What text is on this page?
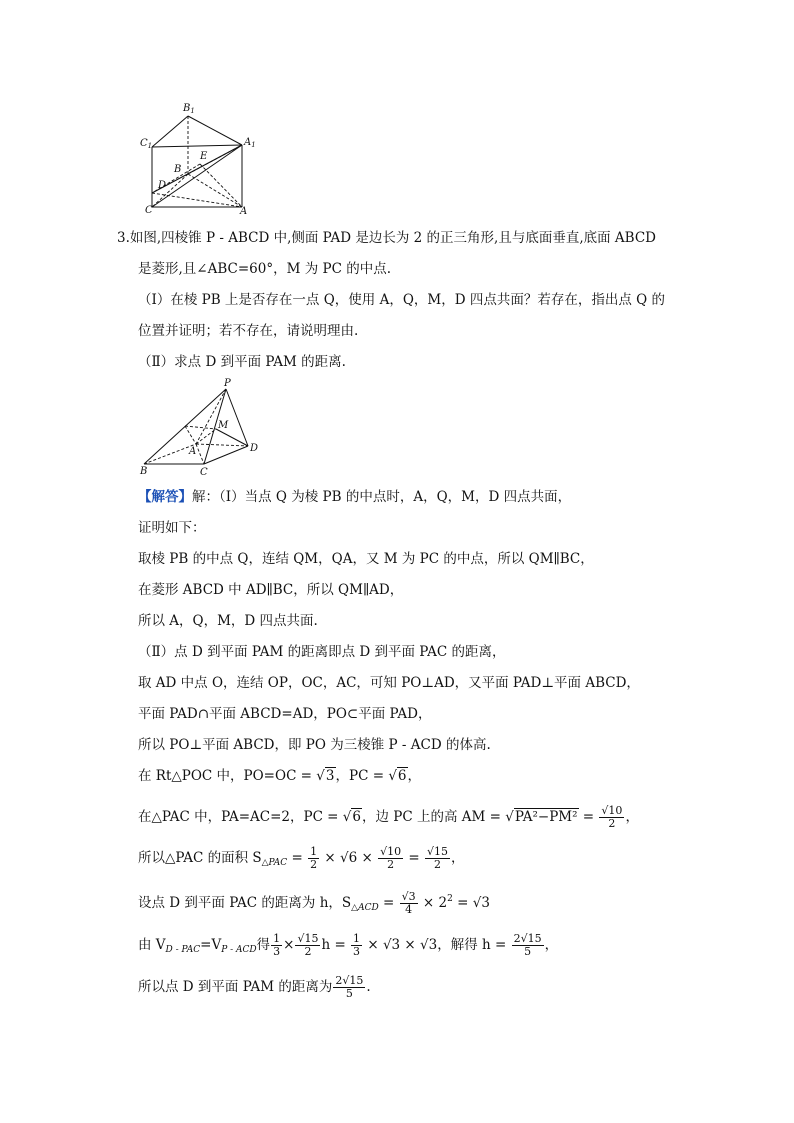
$B_1$
$C_1$	$A_1$
E
B
D
C	A
3.如图,四棱锥 P - ABCD 中,侧面 PAD 是边长为 2 的正三角形,且与底面垂直,底面 ABCD
是菱形,且∠ABC=60°，M 为 PC 的中点.
（Ⅰ）在棱 PB 上是否存在一点 Q，使用 A，Q，M，D 四点共面？若存在，指出点 Q 的
位置并证明；若不存在，请说明理由.
（Ⅱ）求点 D 到平面 PAM 的距离.
P
M
A
B	C
D
【解答】解：（Ⅰ）当点 Q 为棱 PB 的中点时，A，Q，M，D 四点共面，
证明如下：
取棱 PB 的中点 Q，连结 QM，QA，又 M 为 PC 的中点，所以 QM∥BC，
在菱形 ABCD 中 AD∥BC，所以 QM∥AD，
所以 A，Q，M，D 四点共面.
（Ⅱ）点 D 到平面 PAM 的距离即点 D 到平面 PAC 的距离，
取 AD 中点 O，连结 OP，OC，AC，可知 PO⊥AD，又平面 PAD⊥平面 ABCD，
平面 PAD∩平面 ABCD=AD，PO⊂平面 PAD，
所以 PO⊥平面 ABCD，即 PO 为三棱锥 P - ACD 的体高.
在 Rt△POC 中，PO=OC = √3，PC = √6，
在△PAC 中，PA=AC=2，PC = √6，边 PC 上的高 AM = $√PA^2-PM^2 = \frac{√10}{2}$ ，
所以△PAC 的面积 $S_{\triangle PAC} = \frac{1}{2} \times √6 \times \frac{√10}{2} = \frac{√15}{2}$ ，
设点 D 到平面 PAC 的距离为 h，$S_{\triangle ACD} = \frac{√3}{4} \times 2^2 = √3$
由 $V_{D - PAC}=V_{P - ACD}$得 $\frac{1}{3} \times \frac{√15}{2}$ $h = \frac{1}{3} \times √3 \times √3$，解得 $h = \frac{2√15}{5}$ ，
所以点 D 到平面 PAM 的距离为 $\frac{2√15}{5}$ .
